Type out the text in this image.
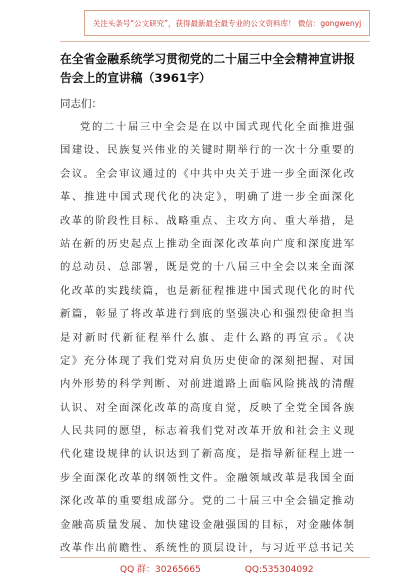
关注头条号“公文研究”，获得最新最全最专业的公文资料库！ 微信：gongwenyj
在全省金融系统学习贯彻党的二十届三中全会精神宣讲报
告会上的宣讲稿（3961字）
同志们：
党的二十届三中全会是在以中国式现代化全面推进强
国建设、民族复兴伟业的关键时期举行的一次十分重要的
会议。全会审议通过的《中共中央关于进一步全面深化改
革、推进中国式现代化的决定》，明确了进一步全面深化
改革的阶段性目标、战略重点、主攻方向、重大举措，是
站在新的历史起点上推动全面深化改革向广度和深度进军
的总动员、总部署，既是党的十八届三中全会以来全面深
化改革的实践续篇，也是新征程推进中国式现代化的时代
新篇，彰显了将改革进行到底的坚强决心和强烈使命担当
是对新时代新征程举什么旗、走什么路的再宣示。《决
定》充分体现了我们党对肩负历史使命的深刻把握、对国
内外形势的科学判断、对前进道路上面临风险挑战的清醒
认识、对全面深化改革的高度自觉，反映了全党全国各族
人民共同的愿望，标志着我们党对改革开放和社会主义现
代化建设规律的认识达到了新高度，是指导新征程上进一
步全面深化改革的纲领性文件。金融领域改革是我国全面
深化改革的重要组成部分。党的二十届三中全会锚定推动
金融高质量发展、加快建设金融强国的目标，对金融体制
改革作出前瞻性、系统性的顶层设计，与习近平总书记关
QQ 群：30265665	QQ:535304092
